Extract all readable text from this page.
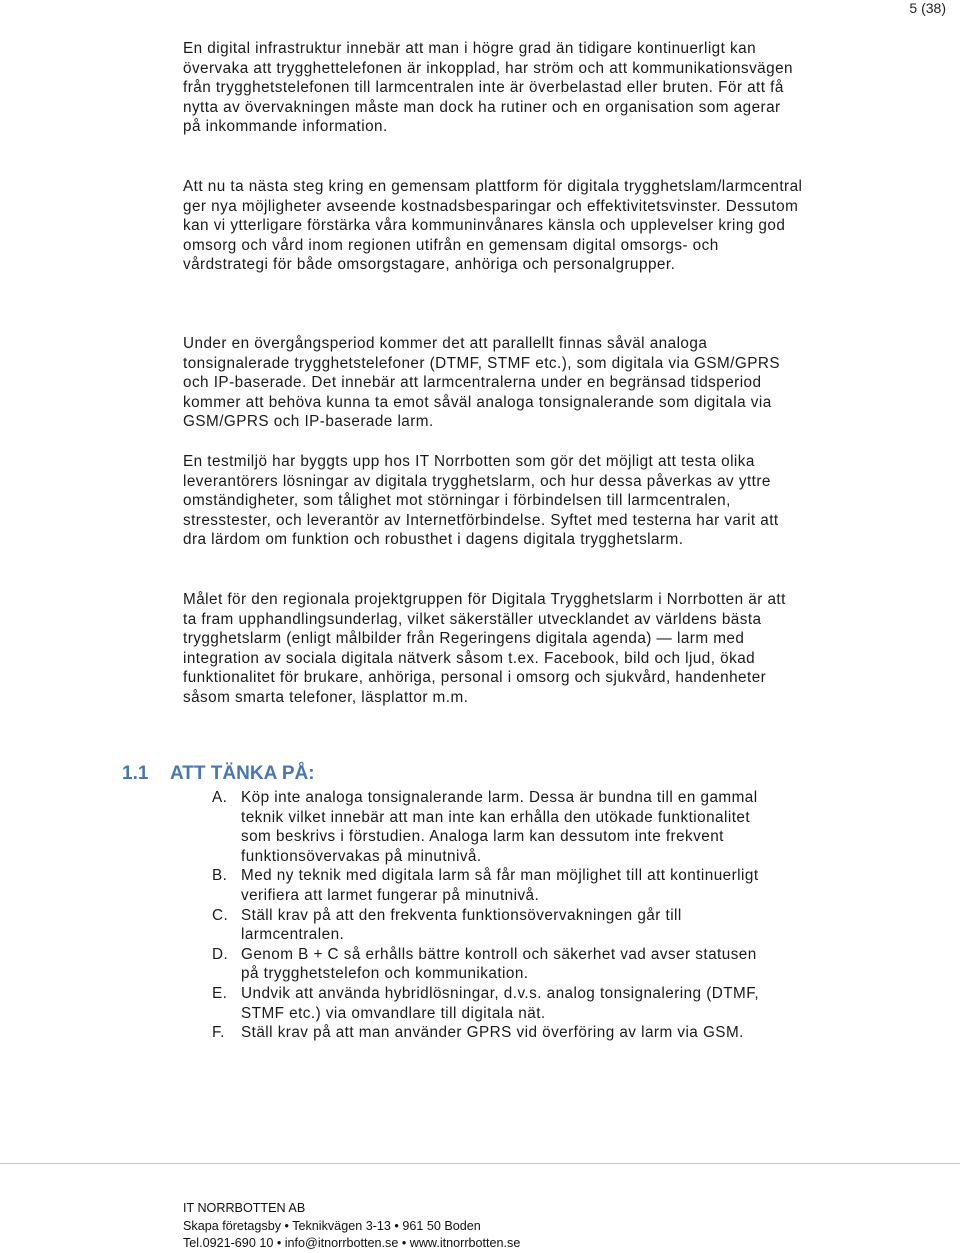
5 (38)

En digital infrastruktur innebär att man i högre grad än tidigare kontinuerligt kan övervaka att trygghettelefonen är inkopplad, har ström och att kommunikationsvägen från trygghetstelefonen till larmcentralen inte är överbelastad eller bruten. För att få nytta av övervakningen måste man dock ha rutiner och en organisation som agerar på inkommande information.

Att nu ta nästa steg kring en gemensam plattform för digitala trygghetslam/larmcentral ger nya möjligheter avseende kostnadsbesparingar och effektivitetsvinster. Dessutom kan vi ytterligare förstärka våra kommuninvånares känsla och upplevelser kring god omsorg och vård inom regionen utifrån en gemensam digital omsorgs- och vårdstrategi för både omsorgstagare, anhöriga och personalgrupper.

Under en övergångsperiod kommer det att parallellt finnas såväl analoga tonsignalerade trygghetstelefoner (DTMF, STMF etc.), som digitala via GSM/GPRS och IP-baserade. Det innebär att larmcentralerna under en begränsad tidsperiod kommer att behöva kunna ta emot såväl analoga tonsignalerande som digitala via GSM/GPRS och IP-baserade larm.

En testmiljö har byggts upp hos IT Norrbotten som gör det möjligt att testa olika leverantörers lösningar av digitala trygghetslarm, och hur dessa påverkas av yttre omständigheter, som tålighet mot störningar i förbindelsen till larmcentralen, stresstester, och leverantör av Internetförbindelse. Syftet med testerna har varit att dra lärdom om funktion och robusthet i dagens digitala trygghetslarm.

Målet för den regionala projektgruppen för Digitala Trygghetslarm i Norrbotten är att ta fram upphandlingsunderlag, vilket säkerställer utvecklandet av världens bästa trygghetslarm (enligt målbilder från Regeringens digitala agenda) — larm med integration av sociala digitala nätverk såsom t.ex. Facebook, bild och ljud, ökad funktionalitet för brukare, anhöriga, personal i omsorg och sjukvård, handenheter såsom smarta telefoner, läsplattor m.m.

1.1 ATT TÄNKA PÅ:
A. Köp inte analoga tonsignalerande larm. Dessa är bundna till en gammal teknik vilket innebär att man inte kan erhålla den utökade funktionalitet som beskrivs i förstudien. Analoga larm kan dessutom inte frekvent funktionsövervakas på minutnivå.
B. Med ny teknik med digitala larm så får man möjlighet till att kontinuerligt verifiera att larmet fungerar på minutnivå.
C. Ställ krav på att den frekventa funktionsövervakningen går till larmcentralen.
D. Genom B + C så erhålls bättre kontroll och säkerhet vad avser statusen på trygghetstelefon och kommunikation.
E. Undvik att använda hybridlösningar, d.v.s. analog tonsignalering (DTMF, STMF etc.) via omvandlare till digitala nät.
F.	Ställ krav på att man använder GPRS vid överföring av larm via GSM.
IT NORRBOTTEN AB
Skapa företagsby • Teknikvägen 3-13 • 961 50 Boden
Tel.0921-690 10 • info@itnorrbotten.se • www.itnorrbotten.se
